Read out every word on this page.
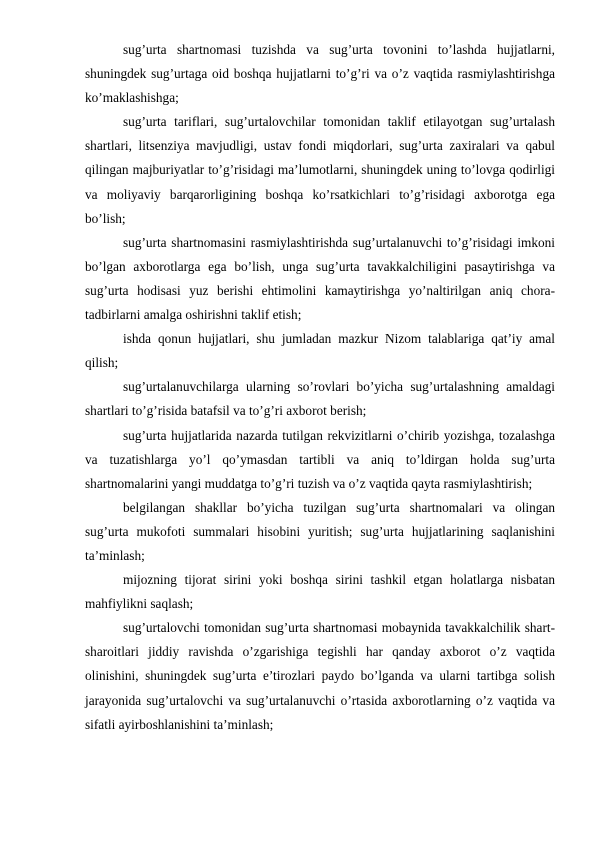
sug’urta shartnomasi tuzishda va sug’urta tovonini to’lashda hujjatlarni, shuningdek sug’urtaga oid boshqa hujjatlarni to’g’ri va o’z vaqtida rasmiylashtirishga ko’maklashishga;

sug’urta tariflari, sug’urtalovchilar tomonidan taklif etilayotgan sug’urtalash shartlari, litsenziya mavjudligi, ustav fondi miqdorlari, sug’urta zaxiralari va qabul qilingan majburiyatlar to’g’risidagi ma’lumotlarni, shuningdek uning to’lovga qodirligi va moliyaviy barqarorligining boshqa ko’rsatkichlari to’g’risidagi axborotga ega bo’lish;

sug’urta shartnomasini rasmiylashtirishda sug’urtalanuvchi to’g’risidagi imkoni bo’lgan axborotlarga ega bo’lish, unga sug’urta tavakkalchiligini pasaytirishga va sug’urta hodisasi yuz berishi ehtimolini kamaytirishga yo’naltirilgan aniq chora-tadbirlarni amalga oshirishni taklif etish;

ishda qonun hujjatlari, shu jumladan mazkur Nizom talablariga qat’iy amal qilish;

sug’urtalanuvchilarga ularning so’rovlari bo’yicha sug’urtalashning amaldagi shartlari to’g’risida batafsil va to’g’ri axborot berish;

sug’urta hujjatlarida nazarda tutilgan rekvizitlarni o’chirib yozishga, tozalashga va tuzatishlarga yo’l qo’ymasdan tartibli va aniq to’ldirgan holda sug’urta shartnomalarini yangi muddatga to’g’ri tuzish va o’z vaqtida qayta rasmiylashtirish;

belgilangan shakllar bo’yicha tuzilgan sug’urta shartnomalari va olingan sug’urta mukofoti summalari hisobini yuritish; sug’urta hujjatlarining saqlanishini ta’minlash;

mijozning tijorat sirini yoki boshqa sirini tashkil etgan holatlarga nisbatan mahfiylikni saqlash;

sug’urtalovchi tomonidan sug’urta shartnomasi mobaynida tavakkalchilik shart-sharoitlari jiddiy ravishda o’zgarishiga tegishli har qanday axborot o’z vaqtida olinishini, shuningdek sug’urta e’tirozlari paydo bo’lganda va ularni tartibga solish jarayonida sug’urtalovchi va sug’urtalanuvchi o’rtasida axborotlarning o’z vaqtida va sifatli ayirboshlanishini ta’minlash;
